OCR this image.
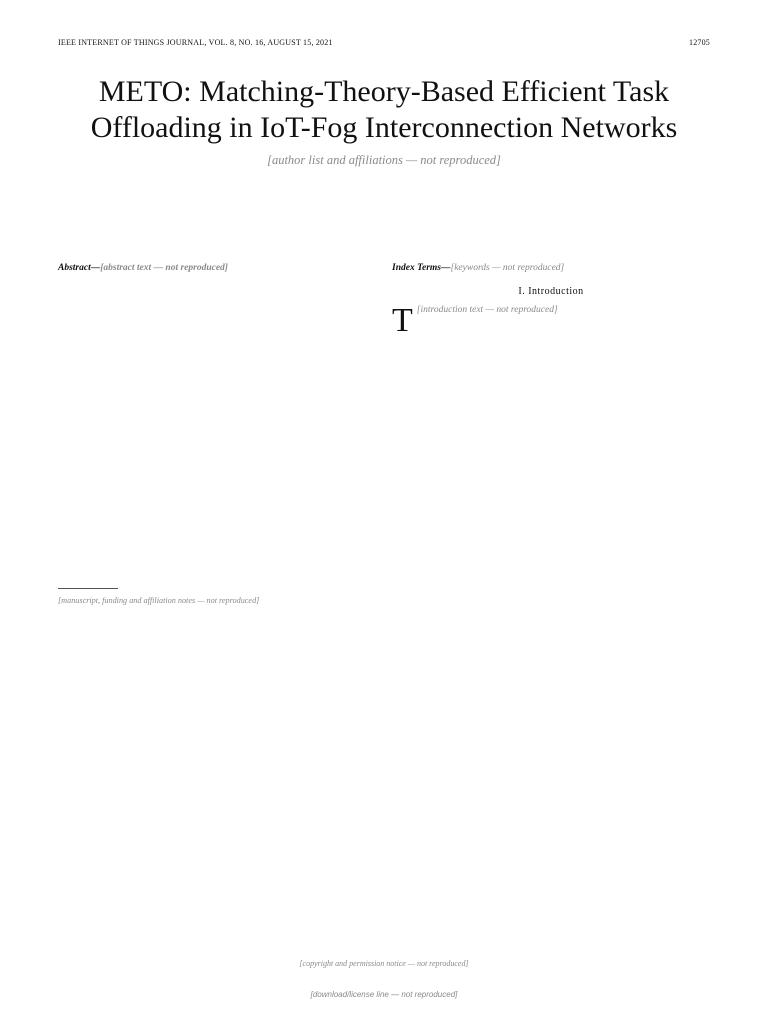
IEEE INTERNET OF THINGS JOURNAL, VOL. 8, NO. 16, AUGUST 15, 2021	12705
METO: Matching-Theory-Based Efficient Task Offloading in IoT-Fog Interconnection Networks
[author list and affiliations — not reproduced]
Abstract—[abstract text — not reproduced]
[manuscript, funding and affiliation notes — not reproduced]
Index Terms—[keywords — not reproduced]
I. Introduction
T [introduction text — not reproduced]
[copyright and permission notice — not reproduced]
[download/license line — not reproduced]
